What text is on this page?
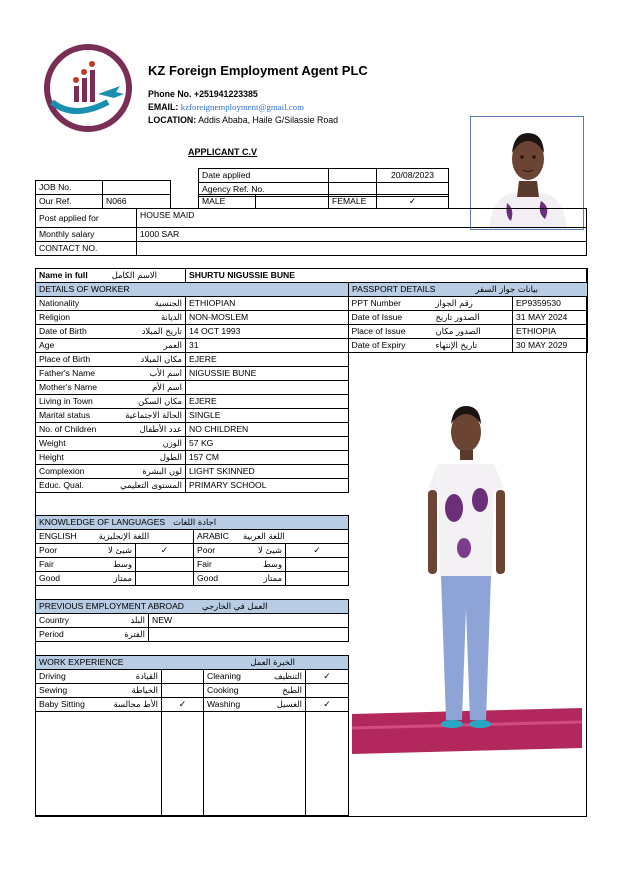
KZ Foreign Employment Agent PLC
Phone No. +251941223385
EMAIL: kzforeignemployment@gmail.com
LOCATION: Addis Ababa, Haile G/Silassie Road
APPLICANT C.V
Date applied		20/08/2023
Agency Ref. No.		
JOB No.	
Our Ref.	N066	MALE		FEMALE	✓
Post applied for	HOUSE MAID
Monthly salary	1000 SAR
CONTACT NO.	
Name in full	الاسم الكامل	SHURTU NIGUSSIE BUNE
DETAILS OF WORKER	

Nationality الجنسية	ETHIOPIAN

Religion الديانة	NON-MOSLEM

Date of Birth تاريخ الميلاد	14 OCT 1993

Age العمر	31

Place of Birth مكان الميلاد	EJERE

Father's Name اسم الأب	NIGUSSIE BUNE

Mother's Name اسم الأم	

Living in Town مكان السكن	EJERE

Marital status الحالة الاجتماعية	SINGLE

No. of Children عدد الأطفال	NO CHILDREN

Weight الوزن	57 KG

Height الطول	157 CM

Complexion لون البشرة	LIGHT SKINNED

Educ. Qual. المستوى التعليمي	PRIMARY SCHOOL
PASSPORT DETAILS بيانات جواز السفر	

PPT Number رقم الجواز	EP9359530

Date of Issue الصدور تاريخ	31 MAY 2024

Place of Issue الصدور مكان	ETHIOPIA

Date of Expiry تاريخ الإنتهاء	30 MAY 2029
KNOWLEDGE OF LANGUAGES اجادة اللغات			

ENGLISH اللغة الإنجليزية		ARABIC اللغة العربية	

Poor شيئ لا	✓	Poor شيئ لا	✓

Fair وسط		Fair وسط	

Good ممتاز		Good ممتاز	

PREVIOUS EMPLOYMENT ABROAD العمل في الخارجي	

Country البلد	NEW

Period الفترة	

WORK EXPERIENCE الخبرة العمل			

Driving القيادة		Cleaning التنظيف	✓

Sewing الخياطة		Cooking الطبخ	

Baby Sitting الأط مجالسة	✓	Washing الغسيل	✓
